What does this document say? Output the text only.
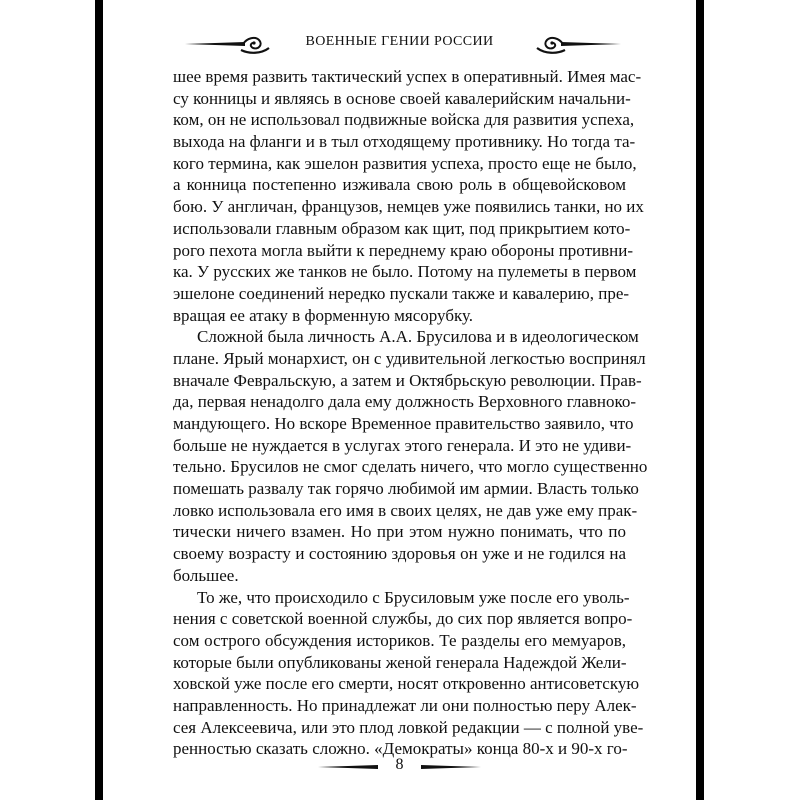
ВОЕННЫЕ ГЕНИИ РОССИИ
шее время развить тактический успех в оперативный. Имея мас-
су конницы и являясь в основе своей кавалерийским начальни-
ком, он не использовал подвижные войска для развития успеха,
выхода на фланги и в тыл отходящему противнику. Но тогда та-
кого термина, как эшелон развития успеха, просто еще не было,
а конница постепенно изживала свою роль в общевойсковом
бою. У англичан, французов, немцев уже появились танки, но их
использовали главным образом как щит, под прикрытием кото-
рого пехота могла выйти к переднему краю обороны противни-
ка. У русских же танков не было. Потому на пулеметы в первом
эшелоне соединений нередко пускали также и кавалерию, пре-
вращая ее атаку в форменную мясорубку.
Сложной была личность А.А. Брусилова и в идеологическом
плане. Ярый монархист, он с удивительной легкостью воспринял
вначале Февральскую, а затем и Октябрьскую революции. Прав-
да, первая ненадолго дала ему должность Верховного главноко-
мандующего. Но вскоре Временное правительство заявило, что
больше не нуждается в услугах этого генерала. И это не удиви-
тельно. Брусилов не смог сделать ничего, что могло существенно
помешать развалу так горячо любимой им армии. Власть только
ловко использовала его имя в своих целях, не дав уже ему прак-
тически ничего взамен. Но при этом нужно понимать, что по
своему возрасту и состоянию здоровья он уже и не годился на
большее.
То же, что происходило с Брусиловым уже после его уволь-
нения с советской военной службы, до сих пор является вопро-
сом острого обсуждения историков. Те разделы его мемуаров,
которые были опубликованы женой генерала Надеждой Жели-
ховской уже после его смерти, носят откровенно антисоветскую
направленность. Но принадлежат ли они полностью перу Алек-
сея Алексеевича, или это плод ловкой редакции — с полной уве-
ренностью сказать сложно. «Демократы» конца 80-х и 90-х го-
8
